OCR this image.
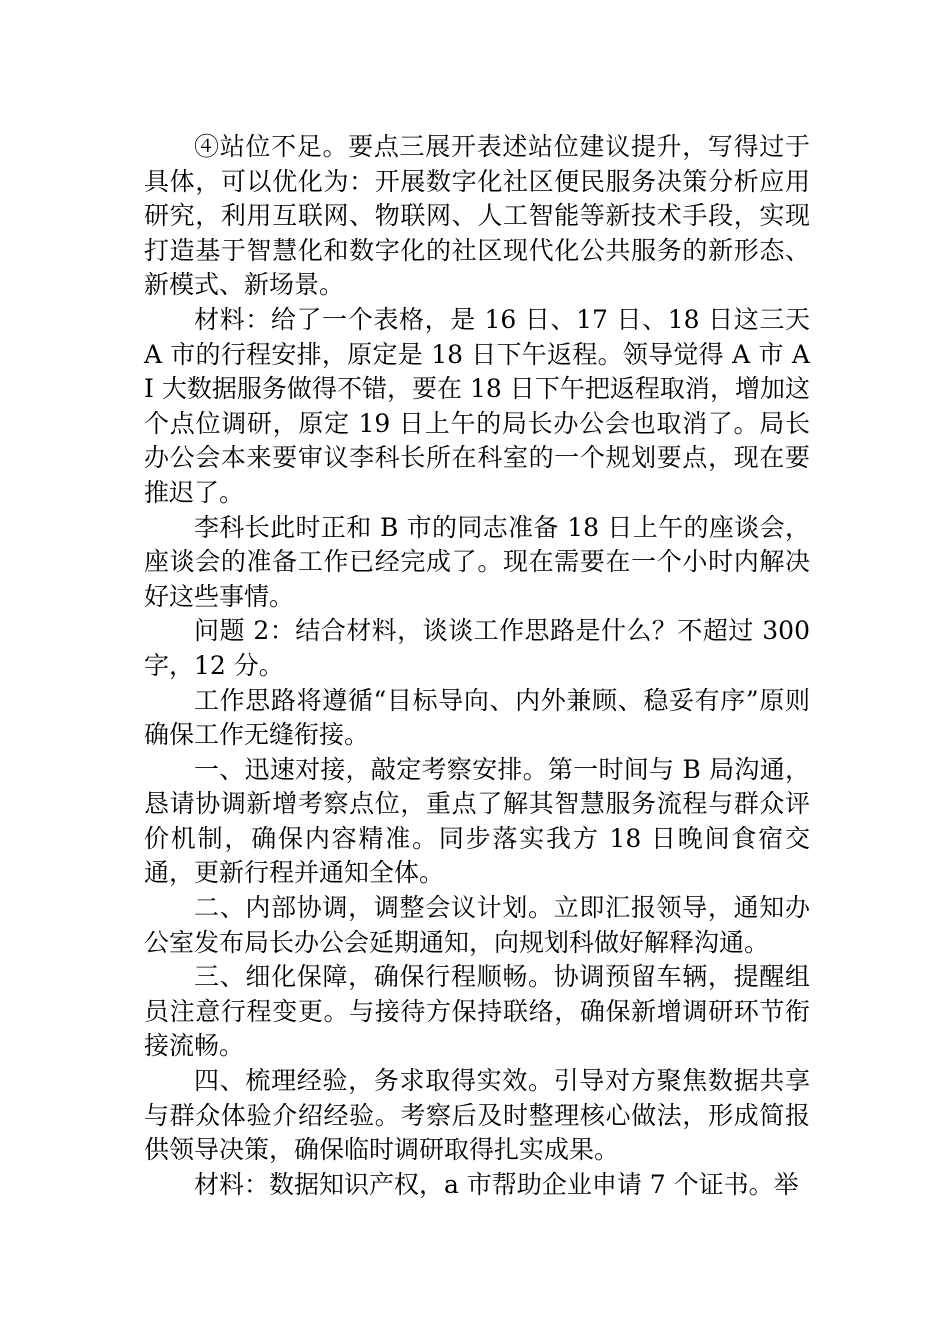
④站位不足。要点三展开表述站位建议提升，写得过于具体，可以优化为：开展数字化社区便民服务决策分析应用研究，利用互联网、物联网、人工智能等新技术手段，实现打造基于智慧化和数字化的社区现代化公共服务的新形态、新模式、新场景。

材料：给了一个表格，是 16 日、17 日、18 日这三天 A 市的行程安排，原定是 18 日下午返程。领导觉得 A 市 AI 大数据服务做得不错，要在 18 日下午把返程取消，增加这个点位调研，原定 19 日上午的局长办公会也取消了。局长办公会本来要审议李科长所在科室的一个规划要点，现在要推迟了。

李科长此时正和 B 市的同志准备 18 日上午的座谈会，座谈会的准备工作已经完成了。现在需要在一个小时内解决好这些事情。

问题 2：结合材料，谈谈工作思路是什么？不超过 300 字，12 分。

工作思路将遵循“目标导向、内外兼顾、稳妥有序”原则确保工作无缝衔接。

一、迅速对接，敲定考察安排。第一时间与 B 局沟通，恳请协调新增考察点位，重点了解其智慧服务流程与群众评价机制，确保内容精准。同步落实我方 18 日晚间食宿交通，更新行程并通知全体。

二、内部协调，调整会议计划。立即汇报领导，通知办公室发布局长办公会延期通知，向规划科做好解释沟通。

三、细化保障，确保行程顺畅。协调预留车辆，提醒组员注意行程变更。与接待方保持联络，确保新增调研环节衔接流畅。

四、梳理经验，务求取得实效。引导对方聚焦数据共享与群众体验介绍经验。考察后及时整理核心做法，形成简报供领导决策，确保临时调研取得扎实成果。

材料：数据知识产权，a 市帮助企业申请 7 个证书。举
